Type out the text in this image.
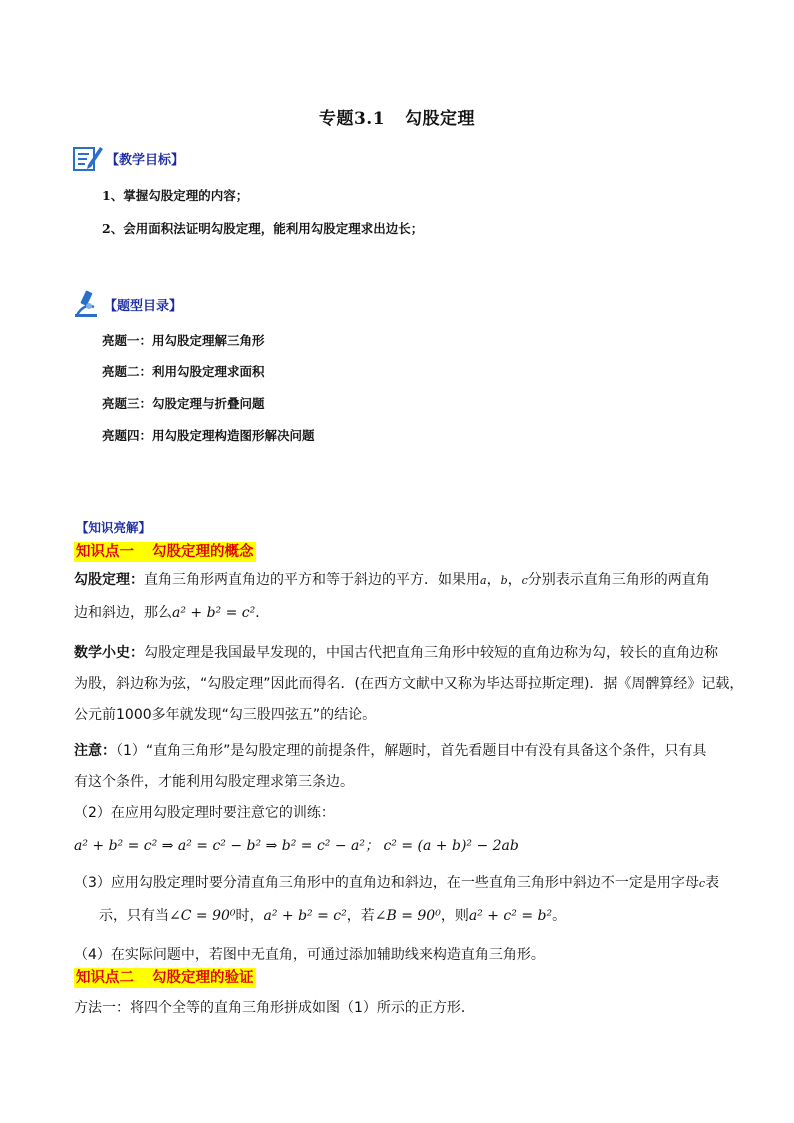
专题3.1 勾股定理
【教学目标】
1、掌握勾股定理的内容；
2、会用面积法证明勾股定理，能利用勾股定理求出边长；
【题型目录】
亮题一：用勾股定理解三角形
亮题二：利用勾股定理求面积
亮题三：勾股定理与折叠问题
亮题四：用勾股定理构造图形解决问题
【知识亮解】
知识点一 勾股定理的概念
勾股定理：直角三角形两直角边的平方和等于斜边的平方．如果用a，b，c分别表示直角三角形的两直角
边和斜边，那么a² + b² = c²．
数学小史：勾股定理是我国最早发现的，中国古代把直角三角形中较短的直角边称为勾，较长的直角边称
为股，斜边称为弦，“勾股定理”因此而得名．(在西方文献中又称为毕达哥拉斯定理)．据《周髀算经》记载，
公元前1000多年就发现“勾三股四弦五”的结论。
注意：（1）“直角三角形”是勾股定理的前提条件，解题时，首先看题目中有没有具备这个条件，只有具
有这个条件，才能利用勾股定理求第三条边。
（2）在应用勾股定理时要注意它的训练：
a² + b² = c² ⇒ a² = c² − b² ⇒ b² = c² − a²； c² = (a + b)² − 2ab
（3）应用勾股定理时要分清直角三角形中的直角边和斜边，在一些直角三角形中斜边不一定是用字母c表
示，只有当∠C = 90⁰时，a² + b² = c²，若∠B = 90⁰，则a² + c² = b²。
（4）在实际问题中，若图中无直角，可通过添加辅助线来构造直角三角形。
知识点二 勾股定理的验证
方法一：将四个全等的直角三角形拼成如图（1）所示的正方形．
